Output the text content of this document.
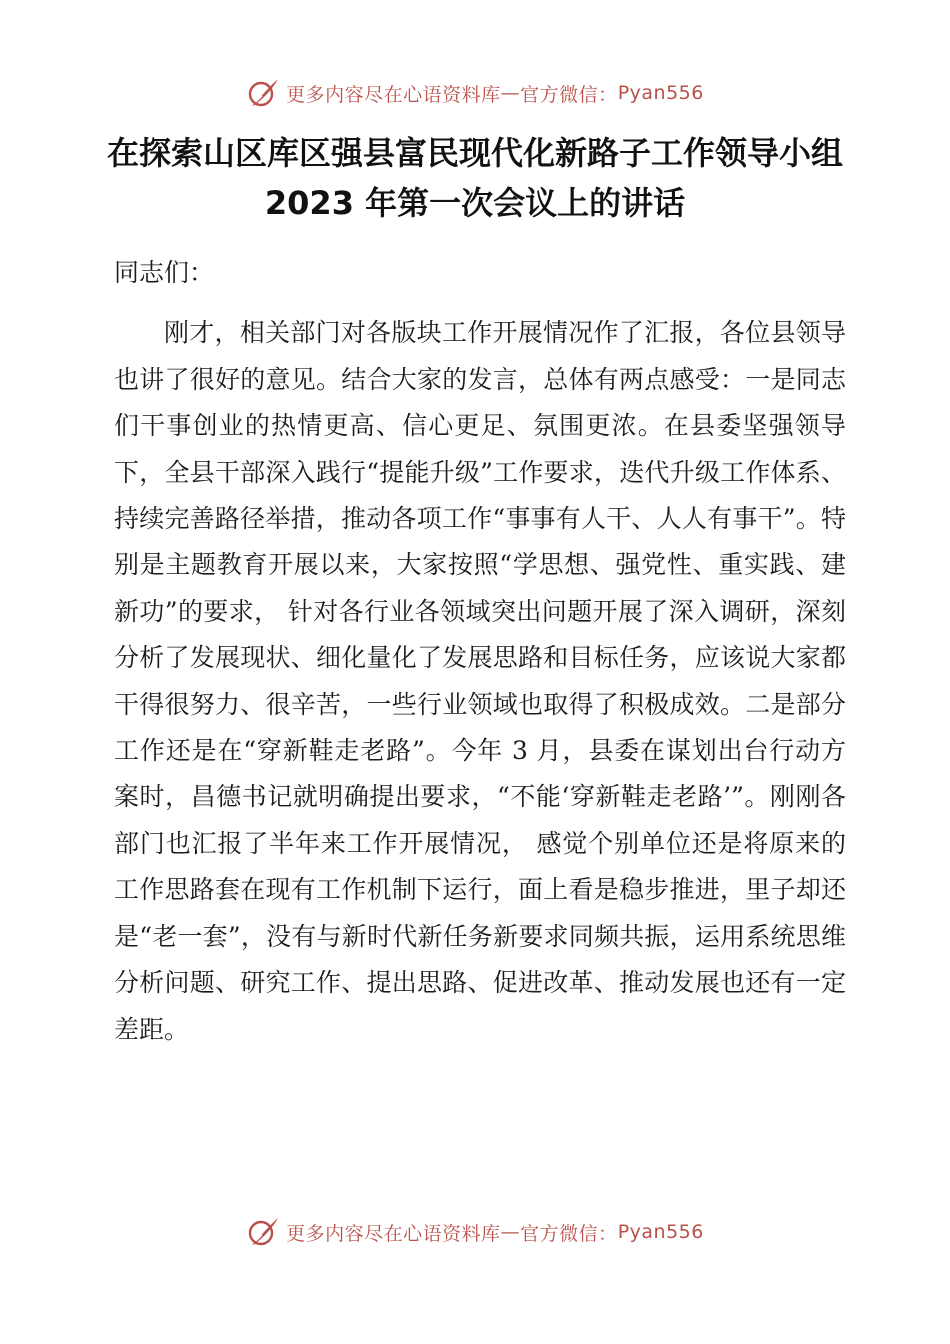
更多内容尽在心语资料库 — 官方微信： Pyan556
在探索山区库区强县富民现代化新路子工作领导小组 2023 年第一次会议上的讲话

同志们：

刚才，相关部门对各版块工作开展情况作了汇报，各位县领导也讲了很好的意见。结合大家的发言，总体有两点感受：一是同志们干事创业的热情更高、信心更足、氛围更浓。在县委坚强领导下，全县干部深入践行“提能升级”工作要求，迭代升级工作体系、持续完善路径举措，推动各项工作“事事有人干、人人有事干”。特别是主题教育开展以来，大家按照“学思想、强党性、重实践、建新功”的要求， 针对各行业各领域突出问题开展了深入调研，深刻分析了发展现状、细化量化了发展思路和目标任务，应该说大家都干得很努力、很辛苦，一些行业领域也取得了积极成效。二是部分工作还是在“穿新鞋走老路”。今年 3 月，县委在谋划出台行动方案时，昌德书记就明确提出要求，“不能‘穿新鞋走老路’”。刚刚各部门也汇报了半年来工作开展情况， 感觉个别单位还是将原来的工作思路套在现有工作机制下运行，面上看是稳步推进，里子却还是“老一套”，没有与新时代新任务新要求同频共振，运用系统思维分析问题、研究工作、提出思路、促进改革、推动发展也还有一定差距。

更多内容尽在心语资料库 — 官方微信： Pyan556
